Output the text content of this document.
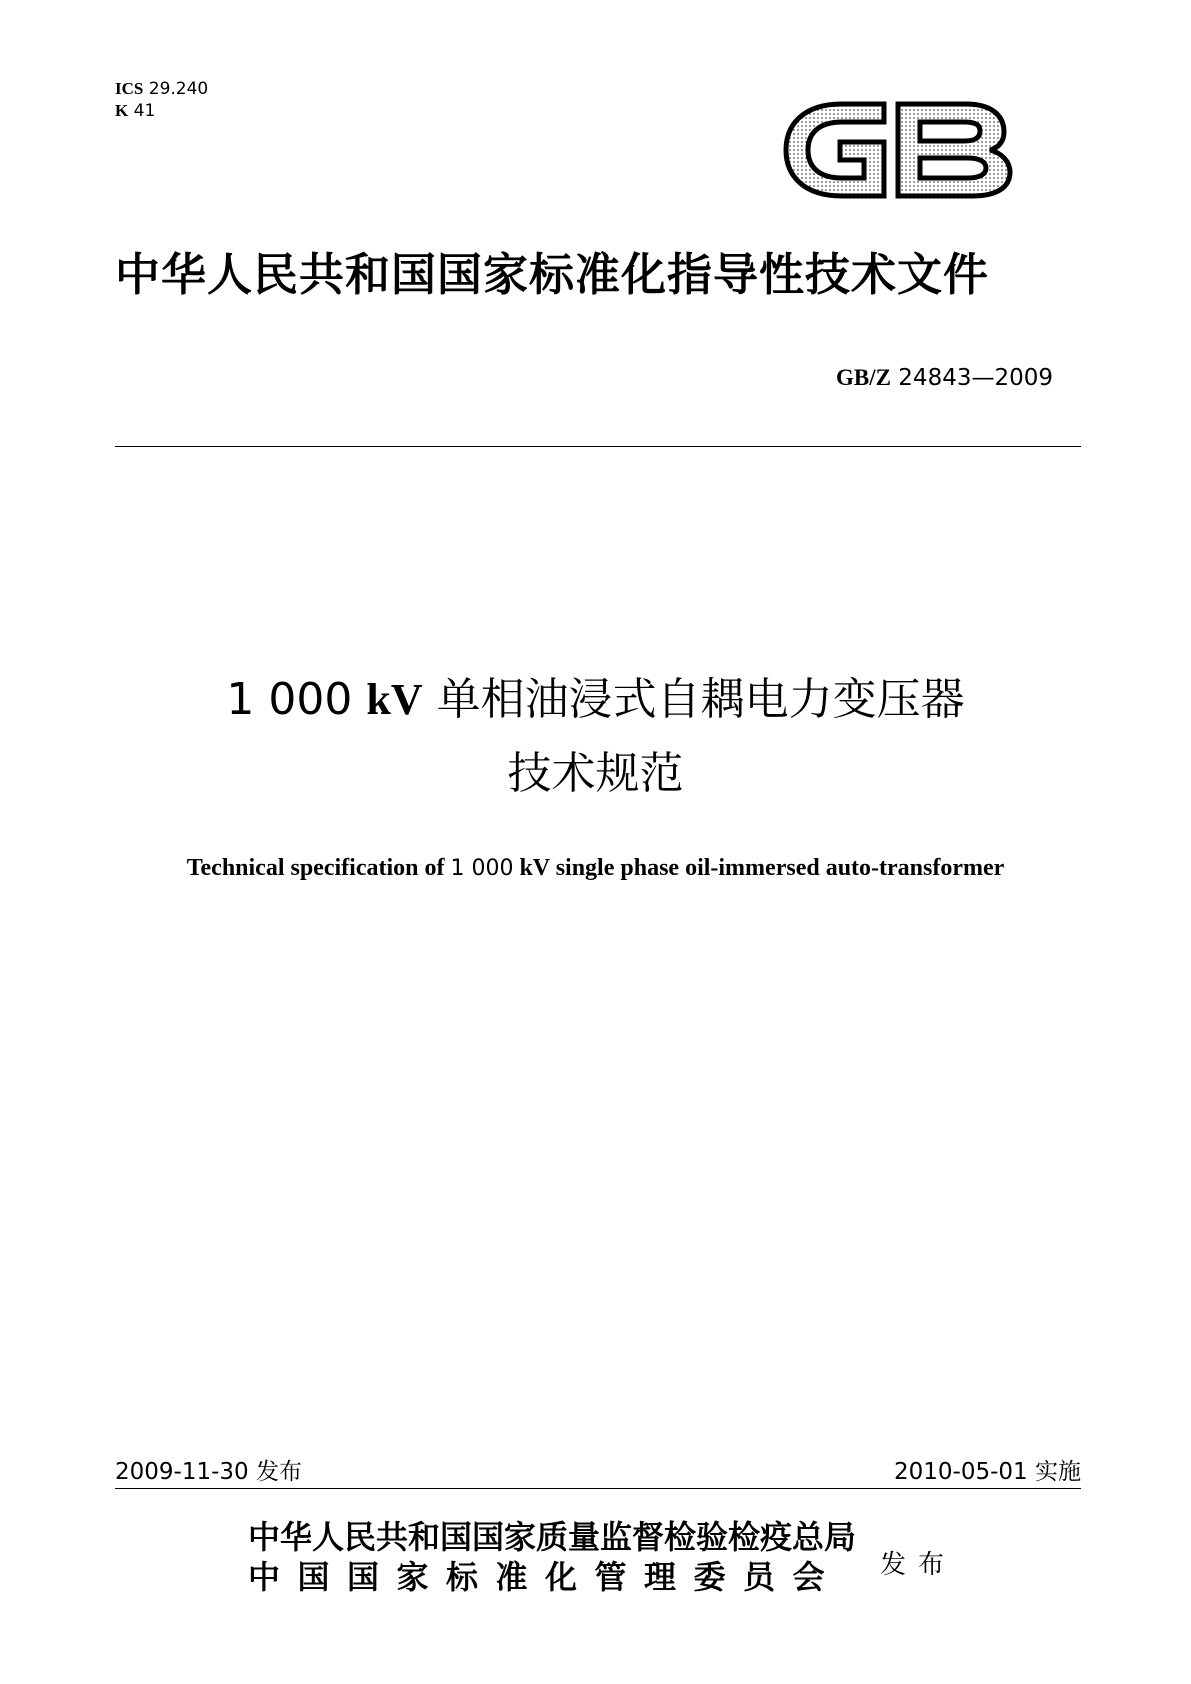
ICS 29.240
K 41
中华人民共和国国家标准化指导性技术文件
GB/Z 24843—2009
1 000 kV 单相油浸式自耦电力变压器
技术规范
Technical specification of 1 000 kV single phase oil-immersed auto-transformer
2009-11-30 发布	2010-05-01 实施
中华人民共和国国家质量监督检验检疫总局
中国国家标准化管理委员会	发布
